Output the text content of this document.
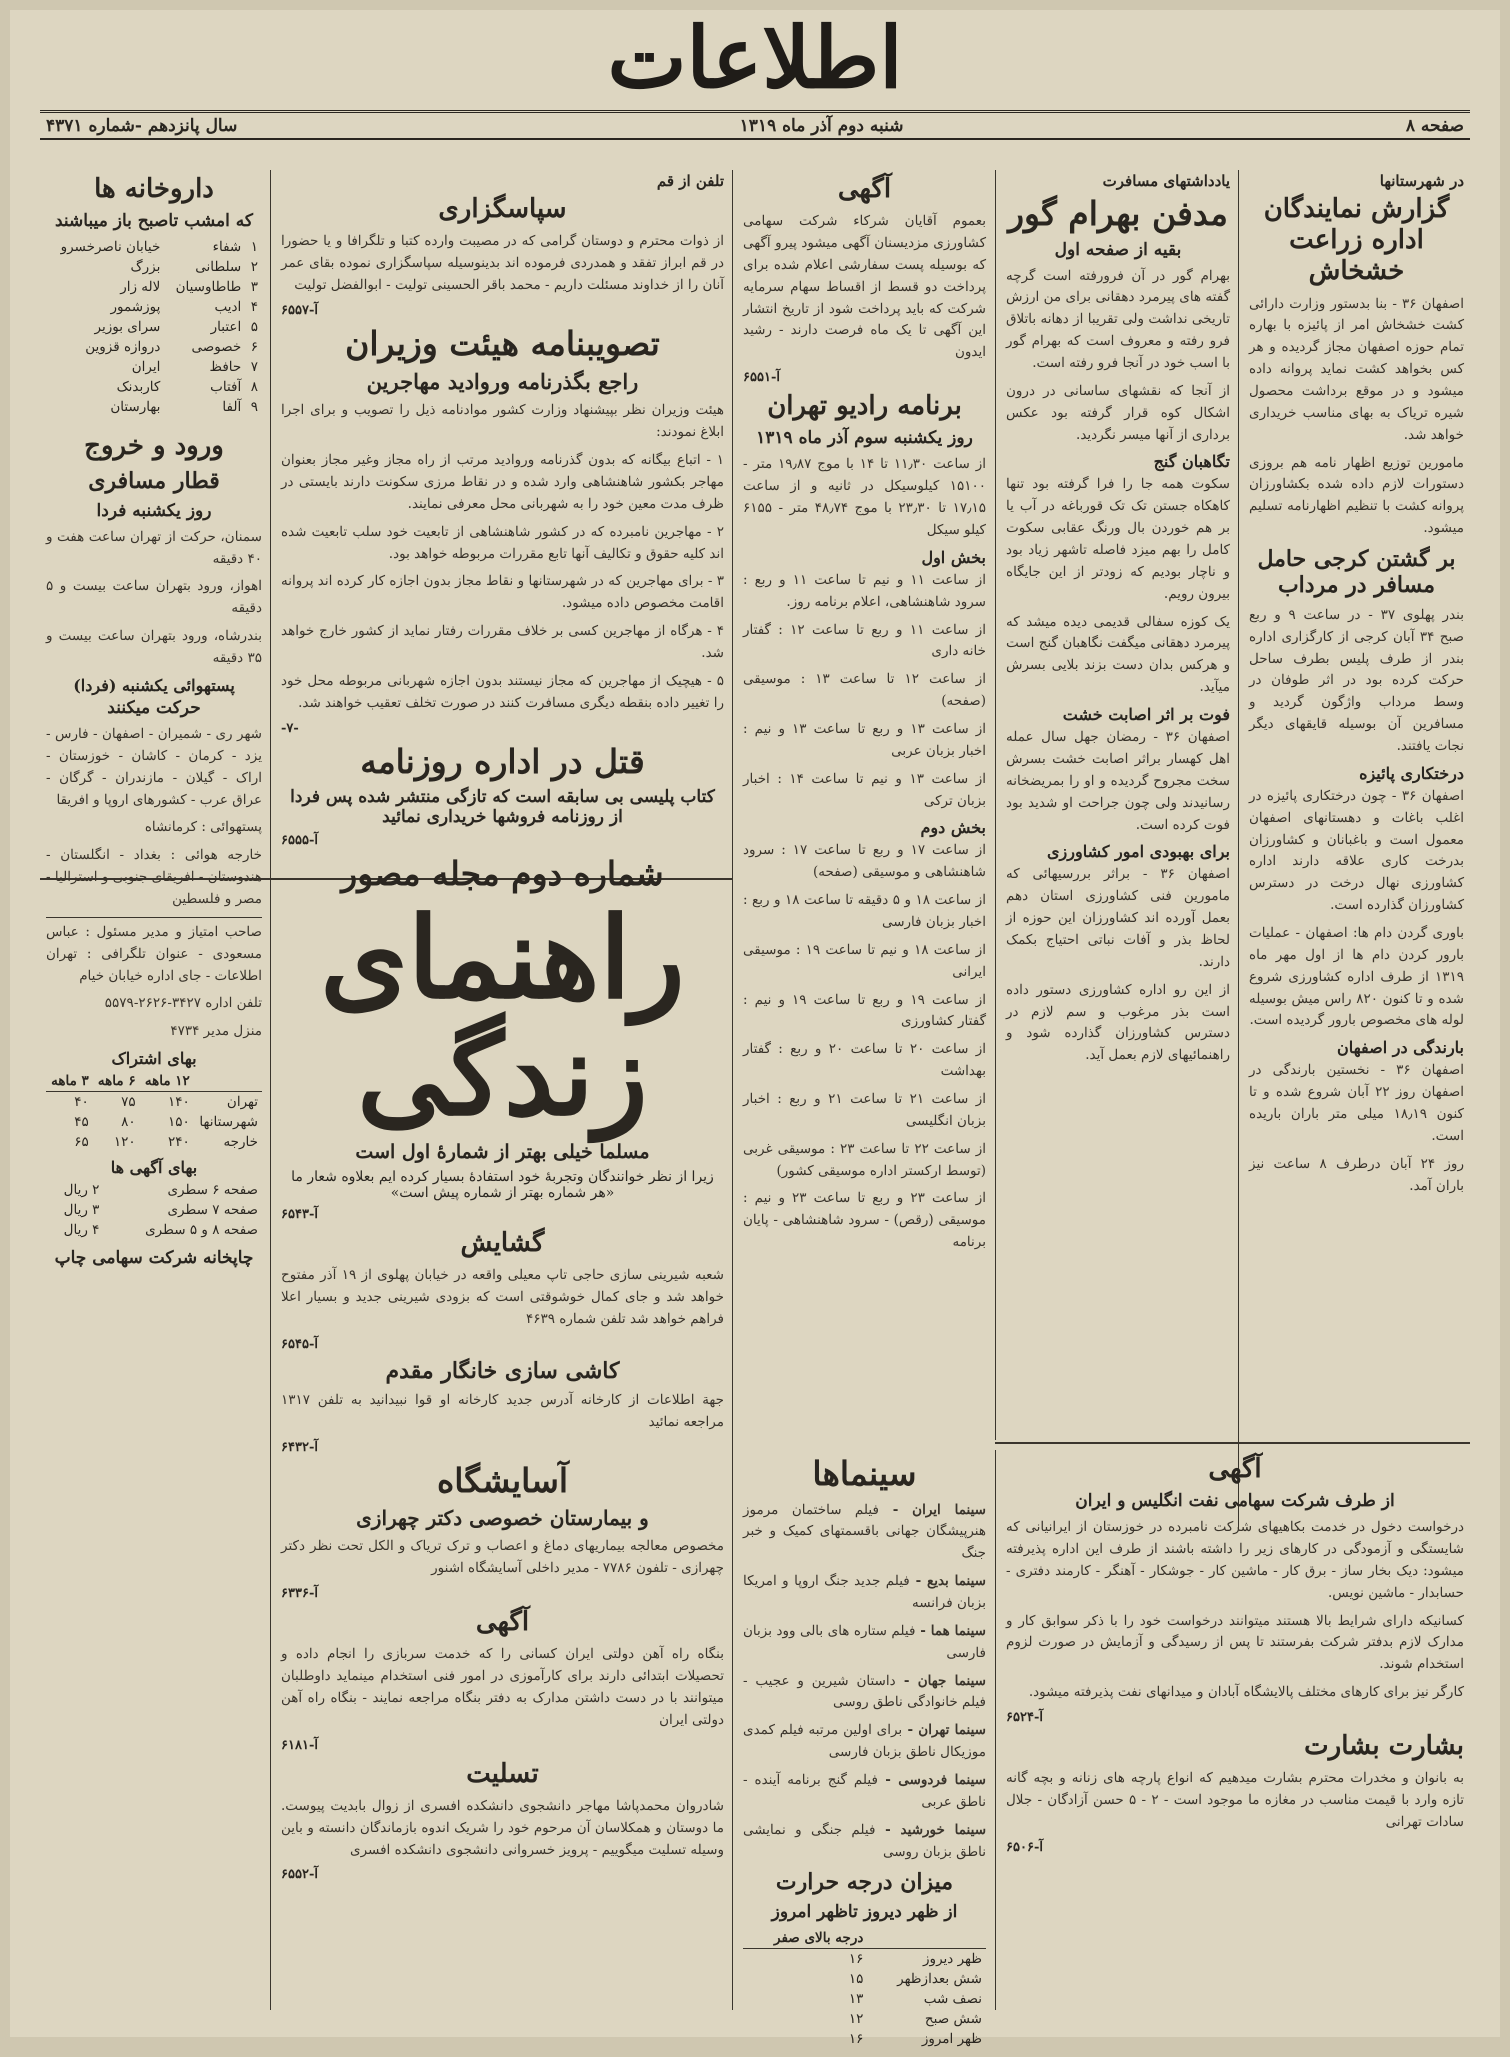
اطلاعات
صفحه ۸
شنبه دوم آذر ماه ۱۳۱۹
سال پانزدهم -شماره ۴۳۷۱
در شهرستانها
گزارش نمایندگان اداره زراعت خشخاش

اصفهان ۳۶ - بنا بدستور وزارت دارائی کشت خشخاش امر از پائیزه با بهاره تمام حوزه اصفهان مجاز گردیده و هر کس بخواهد کشت نماید پروانه داده میشود و در موقع برداشت محصول شیره تریاک به بهای مناسب خریداری خواهد شد.

مامورین توزیع اظهار نامه هم بروزی دستورات لازم داده شده بکشاورزان پروانه کشت با تنظیم اظهارنامه تسلیم میشود.

بر گشتن کرجی حامل مسافر در مرداب

بندر پهلوی ۳۷ - در ساعت ۹ و ربع صبح ۳۴ آبان کرجی از کارگزاری اداره بندر از طرف پلیس بطرف ساحل حرکت کرده بود در اثر طوفان در وسط مرداب واژگون گردید و مسافرین آن بوسیله قایقهای دیگر نجات یافتند.

درختکاری پائیزه

اصفهان ۳۶ - چون درختکاری پائیزه در اغلب باغات و دهستانهای اصفهان معمول است و باغبانان و کشاورزان بدرخت کاری علاقه دارند اداره کشاورزی نهال درخت در دسترس کشاورزان گذارده است.

باوری گردن دام ها: اصفهان - عملیات بارور کردن دام ها از اول مهر ماه ۱۳۱۹ از طرف اداره کشاورزی شروع شده و تا کنون ۸۲۰ راس میش بوسیله لوله های مخصوص بارور گردیده است.

بارندگی در اصفهان

اصفهان ۳۶ - نخستین بارندگی در اصفهان روز ۲۲ آبان شروع شده و تا کنون ۱۸٫۱۹ میلی متر باران باریده است.

روز ۲۴ آبان درطرف ۸ ساعت نیز باران آمد.

یادداشتهای مسافرت
مدفن بهرام گور
بقیه از صفحه اول

بهرام گور در آن فرورفته است گرچه گفته های پیرمرد دهقانی برای من ارزش تاریخی نداشت ولی تقریبا از دهانه باتلاق فرو رفته و معروف است که بهرام گور با اسب خود در آنجا فرو رفته است.

از آنجا که نقشهای ساسانی در درون اشکال کوه قرار گرفته بود عکس برداری از آنها میسر نگردید.

تگاهبان گنج

سکوت همه جا را فرا گرفته بود تنها کاهکاه جستن تک تک قورباغه در آب یا بر هم خوردن بال ورنگ عقابی سکوت کامل را بهم میزد فاصله تاشهر زیاد بود و ناچار بودیم که زودتر از این جایگاه بیرون رویم.

یک کوزه سفالی قدیمی دیده میشد که پیرمرد دهقانی میگفت نگاهبان گنج است و هرکس بدان دست بزند بلایی بسرش میآید.

فوت بر اثر اصابت خشت

اصفهان ۳۶ - رمضان جهل سال عمله اهل کهسار براثر اصابت خشت بسرش سخت مجروح گردیده و او را بمریضخانه رسانیدند ولی چون جراحت او شدید بود فوت کرده است.

برای بهبودی امور کشاورزی

اصفهان ۳۶ - براثر بررسیهائی که مامورین فنی کشاورزی استان دهم بعمل آورده اند کشاورزان این حوزه از لحاظ بذر و آفات نباتی احتیاج بکمک دارند.

از این رو اداره کشاورزی دستور داده است بذر مرغوب و سم لازم در دسترس کشاورزان گذارده شود و راهنمائیهای لازم بعمل آید.

آگهی
از طرف شرکت سهامی نفت انگلیس و ایران

درخواست دخول در خدمت بکاهیهای شرکت نامبرده در خوزستان از ایرانیانی که شایستگی و آزمودگی در کارهای زیر را داشته باشند از طرف این اداره پذیرفته میشود: دیک بخار ساز - برق کار - ماشین کار - جوشکار - آهنگر - کارمند دفتری - حسابدار - ماشین نویس.

کسانیکه دارای شرایط بالا هستند میتوانند درخواست خود را با ذکر سوابق کار و مدارک لازم بدفتر شرکت بفرستند تا پس از رسیدگی و آزمایش در صورت لزوم استخدام شوند.

کارگر نیز برای کارهای مختلف پالایشگاه آبادان و میدانهای نفت پذیرفته میشود.

آ-۶۵۲۴
بشارت بشارت

به بانوان و مخدرات محترم بشارت میدهیم که انواع پارچه های زنانه و بچه گانه تازه وارد با قیمت مناسب در مغازه ما موجود است - ۲ - ۵ حسن آزادگان - جلال سادات تهرانی

آ-۶۵۰۶
تلفن از قم
سپاسگزاری

از ذوات محترم و دوستان گرامی که در مصیبت وارده کتبا و تلگرافا و یا حضورا در قم ابراز تفقد و همدردی فرموده اند بدینوسیله سپاسگزاری نموده بقای عمر آنان را از خداوند مسئلت داریم - محمد باقر الحسینی تولیت - ابوالفضل تولیت

آ-۶۵۵۷
تصویبنامه هیئت وزیران
راجع بگذرنامه ورواديد مهاجرين

هیئت وزیران نظر بپیشنهاد وزارت کشور موادنامه ذیل را تصویب و برای اجرا ابلاغ نمودند:

۱ - اتباع بیگانه که بدون گذرنامه وروادید مرتب از راه مجاز وغیر مجاز بعنوان مهاجر بکشور شاهنشاهی وارد شده و در نقاط مرزی سکونت دارند بایستی در ظرف مدت معین خود را به شهربانی محل معرفی نمایند.

۲ - مهاجرین نامبرده که در کشور شاهنشاهی از تابعیت خود سلب تابعیت شده اند کلیه حقوق و تکالیف آنها تابع مقررات مربوطه خواهد بود.

۳ - برای مهاجرین که در شهرستانها و نقاط مجاز بدون اجازه کار کرده اند پروانه اقامت مخصوص داده میشود.

۴ - هرگاه از مهاجرین کسی بر خلاف مقررات رفتار نماید از کشور خارج خواهد شد.

۵ - هیچیک از مهاجرین که مجاز نیستند بدون اجازه شهربانی مربوطه محل خود را تغییر داده بنقطه دیگری مسافرت کنند در صورت تخلف تعقیب خواهند شد.

-۷-
قتل در اداره روزنامه
کتاب پلیسی بی سابقه است که تازگی منتشر شده پس فردا از روزنامه فروشها خریداری نمائید
آ-۶۵۵۵
شماره دوم مجله مصور
راهنمای زندگی
مسلما خیلی بهتر از شمارهٔ اول است
زیرا از نظر خوانندگان وتجربهٔ خود استفادهٔ بسیار کرده ایم بعلاوه شعار ما «هر شماره بهتر از شماره پیش است»
آ-۶۵۴۳
گشایش

شعبه شیرینی سازی حاجی تاپ معیلی واقعه در خیابان پهلوی از ۱۹ آذر مفتوح خواهد شد و جای کمال خوشوقتی است که بزودی شیرینی جدید و بسیار اعلا فراهم خواهد شد تلفن شماره ۴۶۳۹

آ-۶۵۴۵
کاشی سازی خانگار مقدم

جهة اطلاعات از کارخانه آدرس جدید کارخانه او قوا نبیدانید به تلفن ۱۳۱۷ مراجعه نمائید

آ-۶۴۳۲
آسایشگاه
و بیمارستان خصوصی دکتر چهرازی

مخصوص معالجه بیماریهای دماغ و اعصاب و ترک تریاک و الکل تحت نظر دکتر چهرازی - تلفون ۷۷۸۶ - مدیر داخلی آسایشگاه اشنور

آ-۶۳۳۶
آگهی

بنگاه راه آهن دولتی ایران کسانی را که خدمت سربازی را انجام داده و تحصیلات ابتدائی دارند برای کارآموزی در امور فنی استخدام مینماید داوطلبان میتوانند با در دست داشتن مدارک به دفتر بنگاه مراجعه نمایند - بنگاه راه آهن دولتی ایران

آ-۶۱۸۱
تسلیت

شادروان محمدپاشا مهاجر دانشجوی دانشکده افسری از زوال بابدیت پیوست. ما دوستان و همکلاسان آن مرحوم خود را شریک اندوه بازماندگان دانسته و باین وسیله تسلیت میگوییم - پرویز خسروانی دانشجوی دانشکده افسری

آ-۶۵۵۲
آگهی

بعموم آقایان شرکاء شرکت سهامی کشاورزی مزدیسنان آگهی میشود پیرو آگهی که بوسیله پست سفارشی اعلام شده برای پرداخت دو قسط از اقساط سهام سرمایه شرکت که باید پرداخت شود از تاریخ انتشار این آگهی تا یک ماه فرصت دارند - رشید ایدون

آ-۶۵۵۱
برنامه رادیو تهران
روز یکشنبه سوم آذر ماه ۱۳۱۹

از ساعت ۱۱٫۳۰ تا ۱۴ با موج ۱۹٫۸۷ متر - ۱۵۱۰۰ کیلوسیکل در ثانیه و از ساعت ۱۷٫۱۵ تا ۲۳٫۳۰ با موج ۴۸٫۷۴ متر - ۶۱۵۵ کیلو سیکل

بخش اول

از ساعت ۱۱ و نیم تا ساعت ۱۱ و ربع : سرود شاهنشاهی، اعلام برنامه روز.

از ساعت ۱۱ و ربع تا ساعت ۱۲ : گفتار خانه داری

از ساعت ۱۲ تا ساعت ۱۳ : موسیقی (صفحه)

از ساعت ۱۳ و ربع تا ساعت ۱۳ و نیم : اخبار بزبان عربی

از ساعت ۱۳ و نیم تا ساعت ۱۴ : اخبار بزبان ترکی

بخش دوم

از ساعت ۱۷ و ربع تا ساعت ۱۷ : سرود شاهنشاهی و موسیقی (صفحه)

از ساعت ۱۸ و ۵ دقیقه تا ساعت ۱۸ و ربع : اخبار بزبان فارسی

از ساعت ۱۸ و نیم تا ساعت ۱۹ : موسیقی ایرانی

از ساعت ۱۹ و ربع تا ساعت ۱۹ و نیم : گفتار کشاورزی

از ساعت ۲۰ تا ساعت ۲۰ و ربع : گفتار بهداشت

از ساعت ۲۱ تا ساعت ۲۱ و ربع : اخبار بزبان انگلیسی

از ساعت ۲۲ تا ساعت ۲۳ : موسیقی غربی (توسط ارکستر اداره موسیقی کشور)

از ساعت ۲۳ و ربع تا ساعت ۲۳ و نیم : موسیقی (رقص) - سرود شاهنشاهی - پایان برنامه

سینماها

سینما ایران - فیلم ساختمان مرموز هنرپیشگان جهانی باقسمتهای کمیک و خبر جنگ

سینما بدیع - فیلم جدید جنگ اروپا و امریکا بزبان فرانسه

سینما هما - فیلم ستاره های بالی وود بزبان فارسی

سینما جهان - داستان شیرین و عجیب - فیلم خانوادگی ناطق روسی

سینما تهران - برای اولین مرتبه فیلم کمدی موزیکال ناطق بزبان فارسی

سینما فردوسی - فیلم گنج برنامه آینده - ناطق عربی

سینما خورشید - فیلم جنگی و نمایشی ناطق بزبان روسی

میزان درجه حرارت
از ظهر دیروز تاظهر امروز
	درجه بالای صفر
ظهر دیروز	۱۶
شش بعدازظهر	۱۵
نصف شب	۱۳
شش صبح	۱۲
ظهر امروز	۱۶
داروخانه ها
که امشب تاصبح باز میباشند
۱	شفاء	خیابان ناصرخسرو
۲	سلطانی	بزرگ
۳	طاطاوسیان	لاله زار
۴	ادیب	پوزشمور
۵	اعتبار	سرای بوزیر
۶	خصوصی	دروازه قزوین
۷	حافظ	ایران
۸	آفتاب	کاربدنک
۹	آلفا	بهارستان
ورود و خروج
قطار مسافری
روز یکشنبه فردا

سمنان، حرکت از تهران ساعت هفت و ۴۰ دقیقه

اهواز، ورود بتهران ساعت بیست و ۵ دقیقه

بندرشاه، ورود بتهران ساعت بیست و ۳۵ دقیقه

پستهوائی یکشنبه (فردا)
حرکت میکنند

شهر ری - شمیران - اصفهان - فارس - یزد - کرمان - کاشان - خوزستان - اراک - گیلان - مازندران - گرگان - عراق عرب - کشورهای اروپا و افریقا

پستهوائی : کرمانشاه

خارجه هوائی : بغداد - انگلستان - هندوستان - افریقای جنوبی و استرالیا - مصر و فلسطین

صاحب امتیاز و مدیر مسئول : عباس مسعودی - عنوان تلگرافی : تهران اطلاعات - جای اداره خیابان خیام

تلفن اداره ۳۴۲۷-۲۶۲۶-۵۵۷۹

منزل مدیر ۴۷۳۴

بهای اشتراک
	۱۲ ماهه	۶ ماهه	۳ ماهه
تهران	۱۴۰	۷۵	۴۰
شهرستانها	۱۵۰	۸۰	۴۵
خارجه	۲۴۰	۱۲۰	۶۵
بهای آگهی ها
صفحه ۶ سطری	۲ ریال
صفحه ۷ سطری	۳ ریال
صفحه ۸ و ۵ سطری	۴ ریال
چاپخانه شرکت سهامی چاپ
